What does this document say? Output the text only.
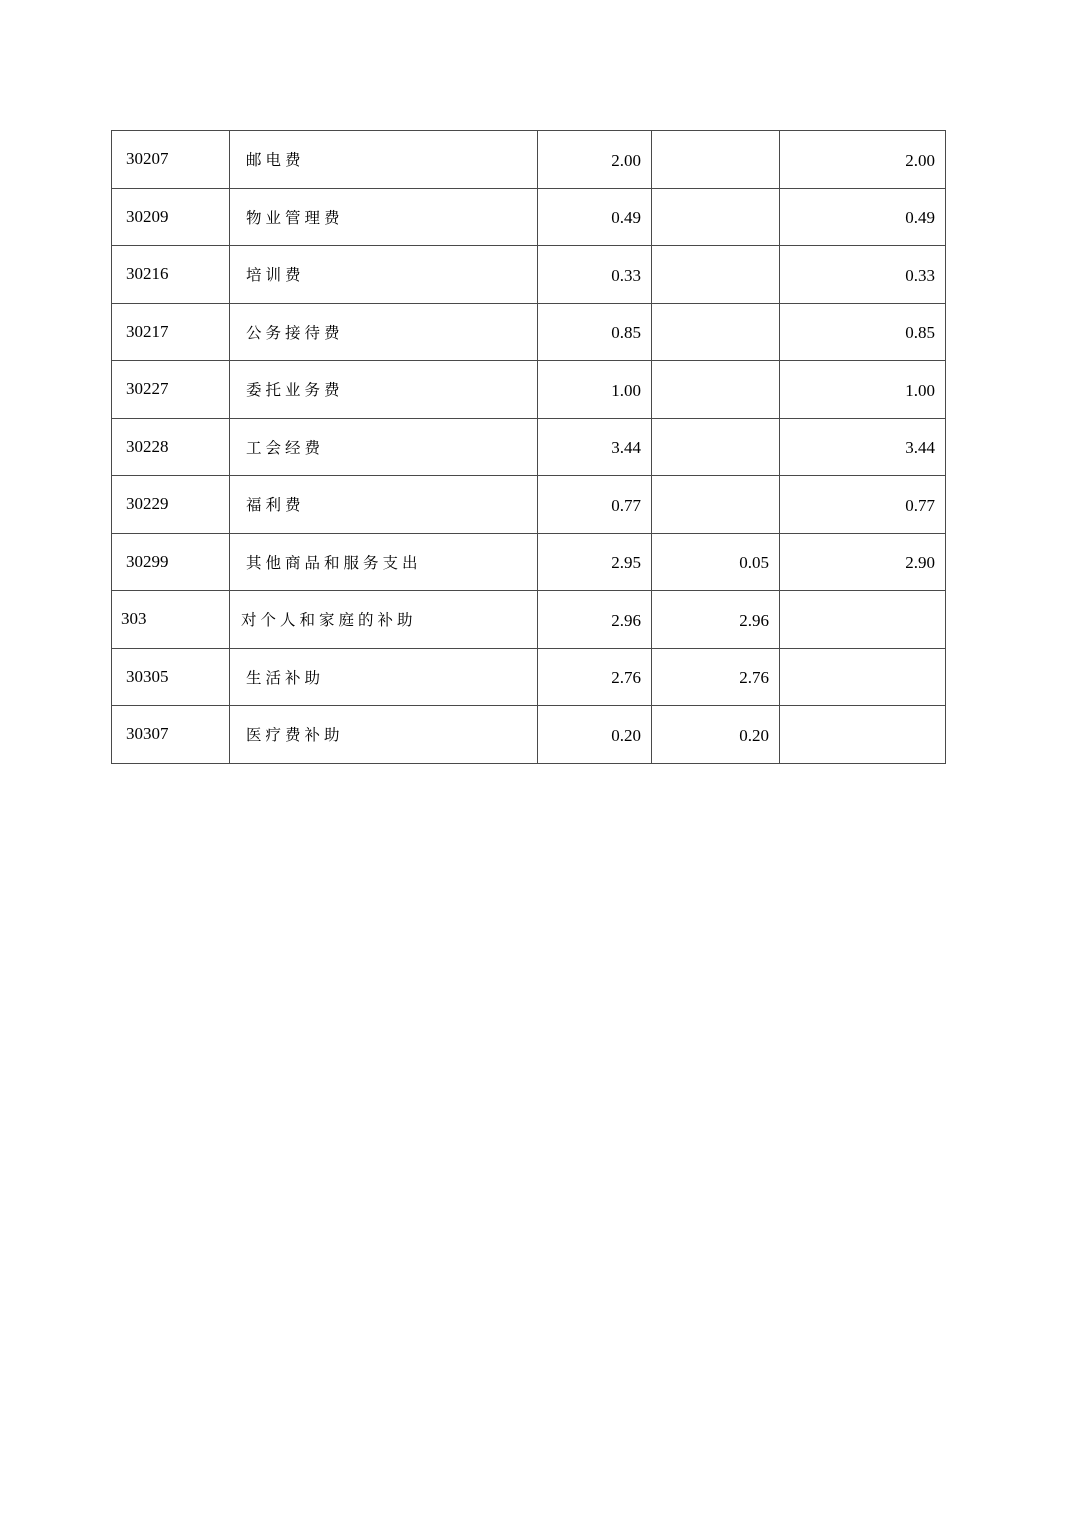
30207	邮电费	2.00		2.00
30209	物业管理费	0.49		0.49
30216	培训费	0.33		0.33
30217	公务接待费	0.85		0.85
30227	委托业务费	1.00		1.00
30228	工会经费	3.44		3.44
30229	福利费	0.77		0.77
30299	其他商品和服务支出	2.95	0.05	2.90
303	对个人和家庭的补助	2.96	2.96	
30305	生活补助	2.76	2.76	
30307	医疗费补助	0.20	0.20	
